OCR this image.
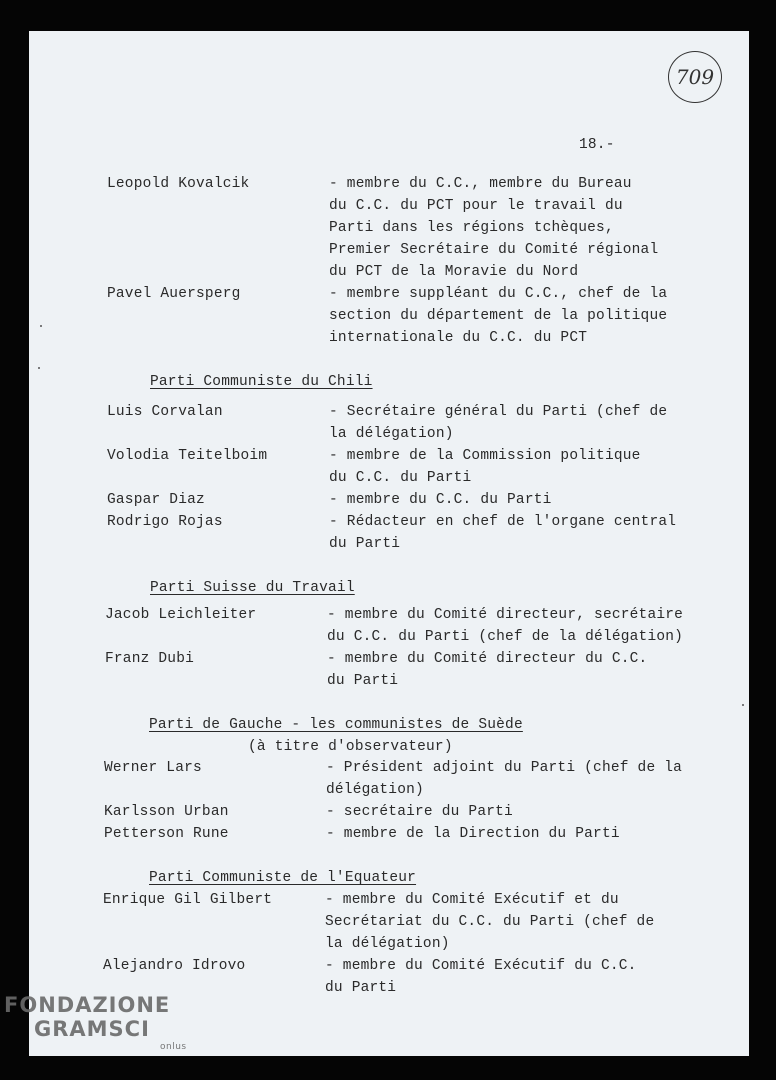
709
18.-
Leopold Kovalcik	- membre du C.C., membre du Bureau
du C.C. du PCT pour le travail du
Parti dans les régions tchèques,
Premier Secrétaire du Comité régional
du PCT de la Moravie du Nord
Pavel Auersperg	- membre suppléant du C.C., chef de la
section du département de la politique
internationale du C.C. du PCT
Parti Communiste du Chili
Luis Corvalan	- Secrétaire général du Parti (chef de
la délégation)
Volodia Teitelboim	- membre de la Commission politique
du C.C. du Parti
Gaspar Diaz	- membre du C.C. du Parti
Rodrigo Rojas	- Rédacteur en chef de l'organe central
du Parti
Parti Suisse du Travail
Jacob Leichleiter	- membre du Comité directeur, secrétaire
du C.C. du Parti (chef de la délégation)
Franz Dubi	- membre du Comité directeur du C.C.
du Parti
Parti de Gauche - les communistes de Suède
(à titre d'observateur)
Werner Lars	- Président adjoint du Parti (chef de la
délégation)
Karlsson Urban	- secrétaire du Parti
Petterson Rune	- membre de la Direction du Parti
Parti Communiste de l'Equateur
Enrique Gil Gilbert	- membre du Comité Exécutif et du
Secrétariat du C.C. du Parti (chef de
la délégation)
Alejandro Idrovo	- membre du Comité Exécutif du C.C.
du Parti
FONDAZIONE
GRAMSCI
onlus
